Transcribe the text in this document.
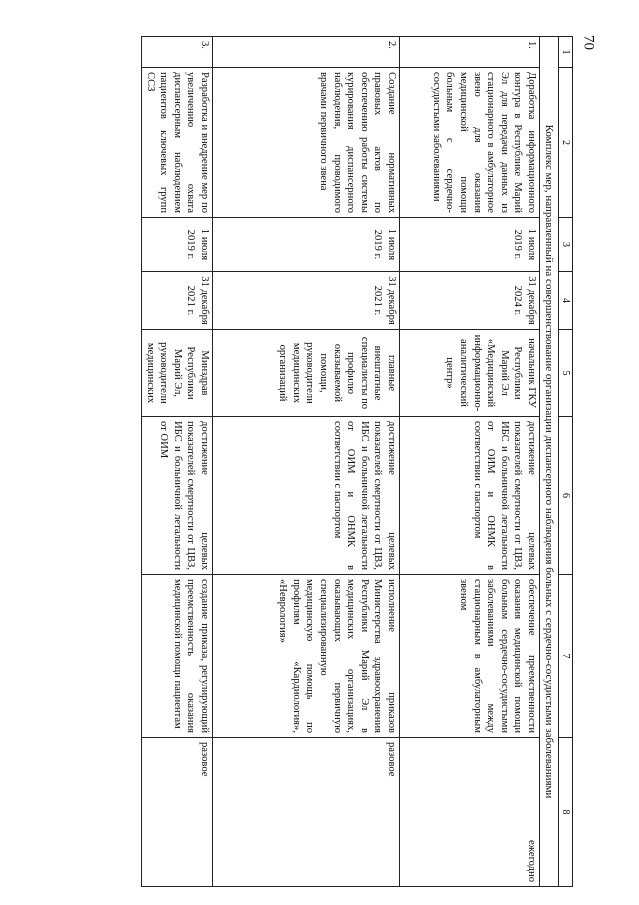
70
1	2	3	4	5	6	7	8
Комплекс мер, направленный на совершенствование организации диспансерного наблюдения больных с сердечно-сосудистыми заболеваниями							
1.	Доработка информационного контура в Республике Марий Эл для передачи данных из стационарного в амбулаторное звено для оказания медицинской помощи больным с сердечно-сосудистыми заболеваниями	1 июля 2019 г.	31 декабря 2024 г.	начальник ГКУ Республики Марий Эл «Медицинский информационно-аналитический центр»	достижение целевых показателей смертности от ЦВЗ, ИБС и больничной летальности от ОИМ и ОНМК в соответствии с паспортом	обеспечение преемственности оказания медицинской помощи больным сердечно-сосудистыми заболеваниями между стационарным в амбулаторным звеном	ежегодно
2.	Создание нормативных правовых актов по обеспечению работы системы курирования диспансерного наблюдения, проводимого врачами первичного звена	1 июля 2019 г.	31 декабря 2021 г.	главные внештатные специалисты по профилю оказываемой помощи, руководители медицинских организаций	достижение целевых показателей смертности от ЦВЗ, ИБС и больничной летальности от ОИМ и ОНМК в соответствии с паспортом	исполнение приказов Министерства здравоохранения Республики Марий Эл в медицинских организациях, оказывающих первичную специализированную медицинскую помощь по профилям «Кардиология», «Неврология»	разовое
3.	Разработка и внедрение мер по увеличению охвата диспансерным наблюдением пациентов ключевых групп ССЗ	1 июля 2019 г.	31 декабря 2021 г.	Минздрав Республики Марий Эл, руководители медицинских	достижение целевых показателей смертности от ЦВЗ, ИБС и больничной летальности от ОИМ	создание приказа, регулирующий преемственность оказания медицинской помощи пациентам	разовое
